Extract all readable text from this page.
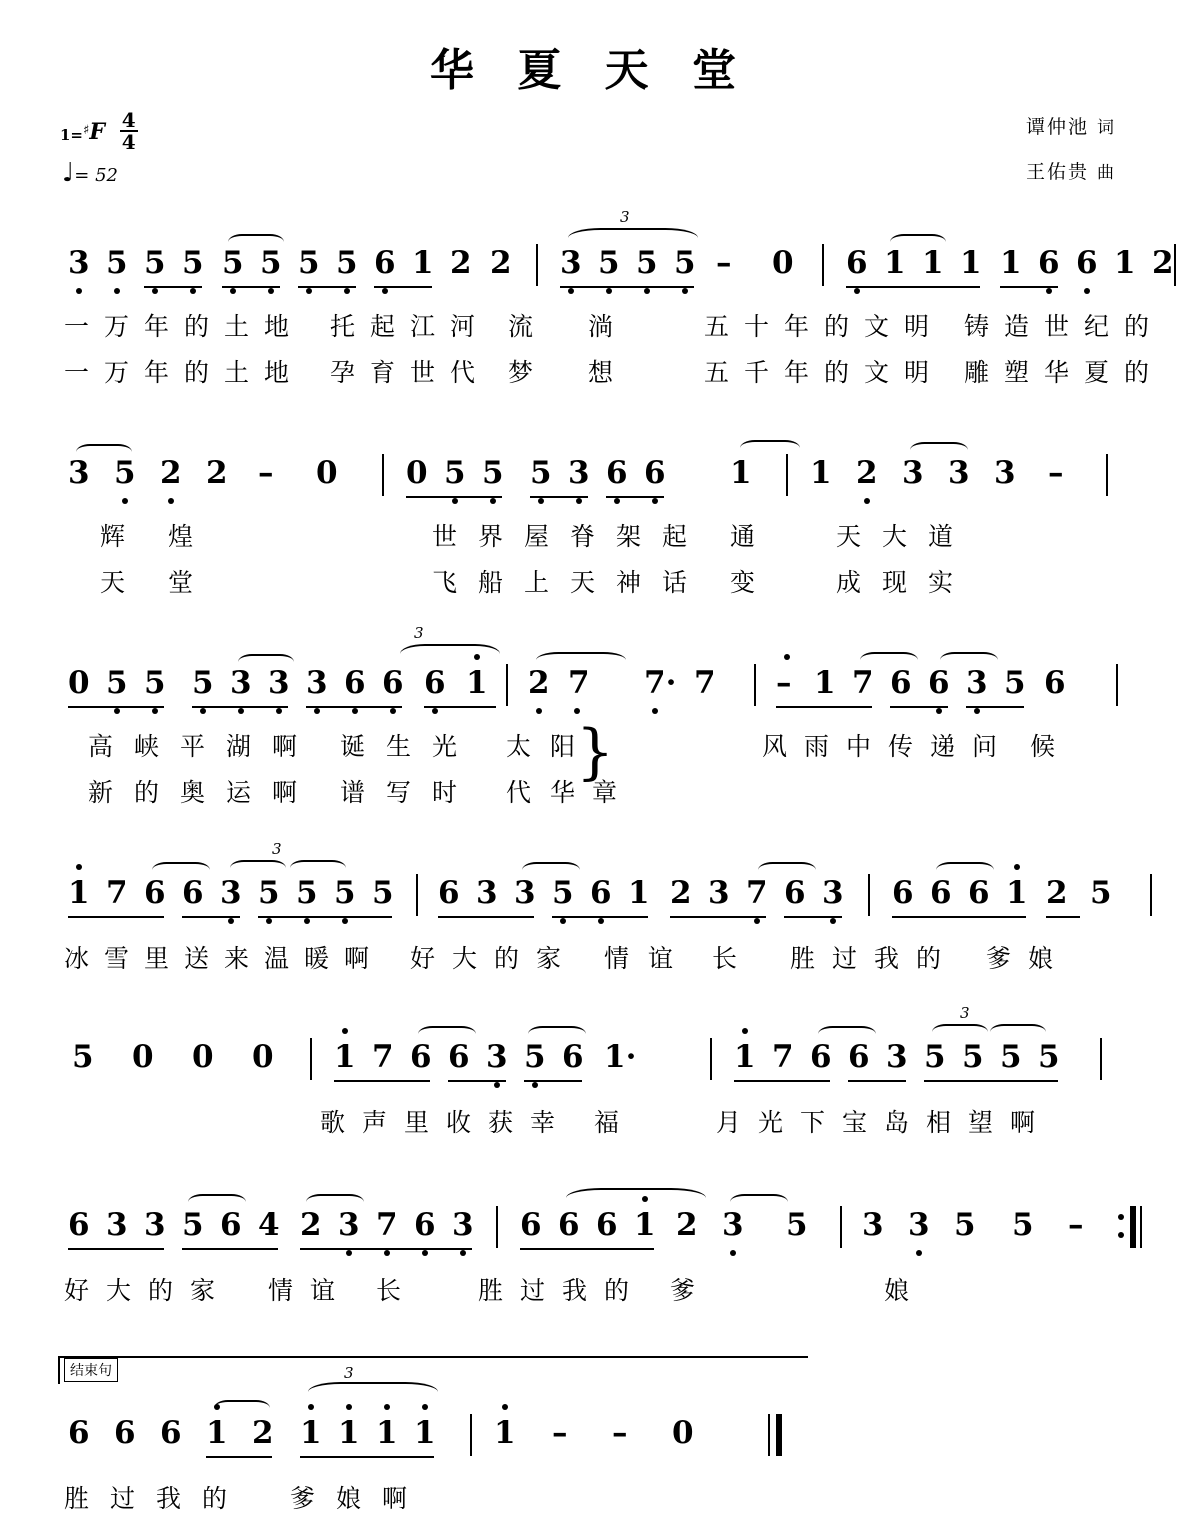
华 夏 天 堂
1=♯F $\frac{4}{4}$
♩= 52
谭仲池 词
王佑贵 曲
3 5 5 5 5 5 5 5 6 1 2 2 3 5 5 5
3
– 0 6 1 1 1 1 6 6 1 2
一 万 年 的 土 地 托 起 江 河 流 淌	五 十 年 的 文 明 铸 造 世 纪 的
一 万 年 的 土 地 孕 育 世 代 梦 想	五 千 年 的 文 明 雕 塑 华 夏 的
3 5 2 2 – 0 0 5 5 5 3 6 6 1 1 2 3 3 3 –
辉 煌	世 界 屋 脊 架 起 通	天 大 道
天 堂	飞 船 上 天 神 话 变	成 现 实
0 5 5 5 3 3 3 6 6 6 1
3
2 7 7· 7 – 1 7 6 6 3 5 6
高 峡 平 湖 啊 诞 生 光 太 阳	风 雨 中 传 递 问 候
}
新 的 奥 运 啊 谱 写 时 代 华 章
1 7 6 6 3 5 5 5 5
3
6 3 3 5 6 1 2 3 7 6 3 6 6 6 1 2 5
冰 雪 里 送 来 温 暖 啊 好 大 的 家 情 谊 长 胜 过 我 的 爹 娘
5 0 0 0 1 7 6 6 3 5 6 1·	1 7 6 6 3 5 5 5 5
3
歌 声 里 收 获 幸 福	月 光 下 宝 岛 相 望 啊
6 3 3 5 6 4 2 3 7 6 3 6 6 6 1 2 3 5 3 3 5 5 –
好 大 的 家 情 谊 长	胜 过 我 的 爹	娘
结束句
6 6 6 1 2 1 1 1 1
3
1 – – 0
胜 过 我 的	爹 娘 啊
